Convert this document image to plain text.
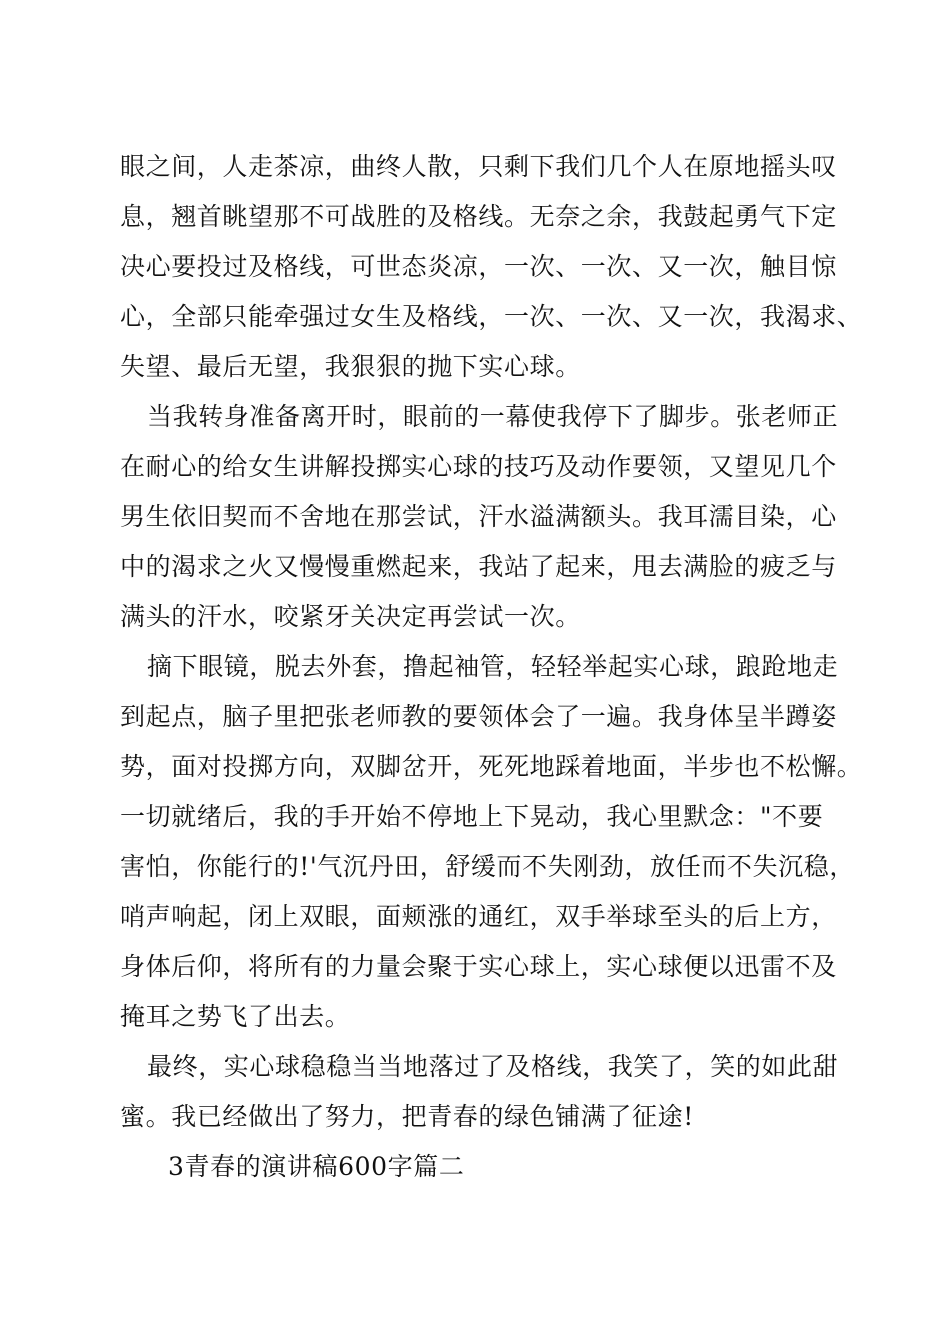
眼之间，人走茶凉，曲终人散，只剩下我们几个人在原地摇头叹
息，翘首眺望那不可战胜的及格线。无奈之余，我鼓起勇气下定
决心要投过及格线，可世态炎凉，一次、一次、又一次，触目惊
心，全部只能牵强过女生及格线，一次、一次、又一次，我渴求、
失望、最后无望，我狠狠的抛下实心球。
当我转身准备离开时，眼前的一幕使我停下了脚步。张老师正
在耐心的给女生讲解投掷实心球的技巧及动作要领，又望见几个
男生依旧契而不舍地在那尝试，汗水溢满额头。我耳濡目染，心
中的渴求之火又慢慢重燃起来，我站了起来，甩去满脸的疲乏与
满头的汗水，咬紧牙关决定再尝试一次。
摘下眼镜，脱去外套，撸起袖管，轻轻举起实心球，踉跄地走
到起点，脑子里把张老师教的要领体会了一遍。我身体呈半蹲姿
势，面对投掷方向，双脚岔开，死死地踩着地面，半步也不松懈。
一切就绪后，我的手开始不停地上下晃动，我心里默念："不要
害怕，你能行的!'气沉丹田，舒缓而不失刚劲，放任而不失沉稳，
哨声响起，闭上双眼，面颊涨的通红，双手举球至头的后上方，
身体后仰，将所有的力量会聚于实心球上，实心球便以迅雷不及
掩耳之势飞了出去。
最终，实心球稳稳当当地落过了及格线，我笑了，笑的如此甜
蜜。我已经做出了努力，把青春的绿色铺满了征途!
3青春的演讲稿600字篇二
